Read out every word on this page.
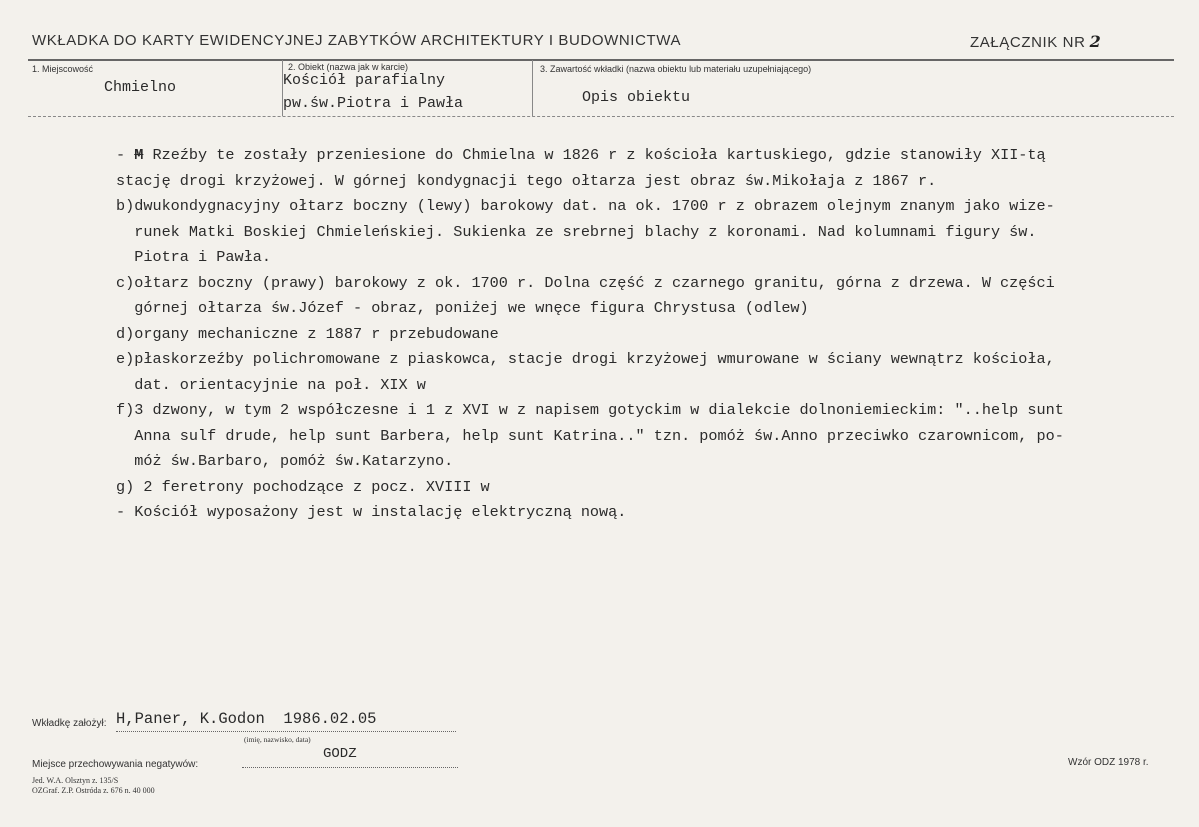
WKŁADKA DO KARTY EWIDENCYJNEJ ZABYTKÓW ARCHITEKTURY I BUDOWNICTWA	ZAŁĄCZNIK NR 2
1. Miejscowość
Chmielno
2. Obiekt (nazwa jak w karcie)
Kościół parafialny
pw.św.Piotra i Pawła
3. Zawartość wkładki (nazwa obiektu lub materiału uzupełniającego)
Opis obiektu
- M Rzeźby te zostały przeniesione do Chmielna w 1826 r z kościoła kartuskiego, gdzie stanowiły XII-tą
stację drogi krzyżowej. W górnej kondygnacji tego ołtarza jest obraz św.Mikołaja z 1867 r.
b)dwukondygnacyjny ołtarz boczny (lewy) barokowy dat. na ok. 1700 r z obrazem olejnym znanym jako wize-
runek Matki Boskiej Chmieleńskiej. Sukienka ze srebrnej blachy z koronami. Nad kolumnami figury św.
Piotra i Pawła.
c)ołtarz boczny (prawy) barokowy z ok. 1700 r. Dolna część z czarnego granitu, górna z drzewa. W części
górnej ołtarza św.Józef - obraz, poniżej we wnęce figura Chrystusa (odlew)
d)organy mechaniczne z 1887 r przebudowane
e)płaskorzeźby polichromowane z piaskowca, stacje drogi krzyżowej wmurowane w ściany wewnątrz kościoła,
dat. orientacyjnie na poł. XIX w
f)3 dzwony, w tym 2 współczesne i 1 z XVI w z napisem gotyckim w dialekcie dolnoniemieckim: "..help sunt
Anna sulf drude, help sunt Barbera, help sunt Katrina.." tzn. pomóż św.Anno przeciwko czarownicom, po-
móż św.Barbaro, pomóż św.Katarzyno.
g) 2 feretrony pochodzące z pocz. XVIII w
- Kościół wyposażony jest w instalację elektryczną nową.
Wkładkę założył: H,Paner, K.Godon  1986.02.05
(imię, nazwisko, data)
Miejsce przechowywania negatywów:
GODZ
Wzór ODZ 1978 r.
Jed. W.A. Olsztyn z. 135/S
OZGraf. Z.P. Ostróda z. 676 n. 40 000
